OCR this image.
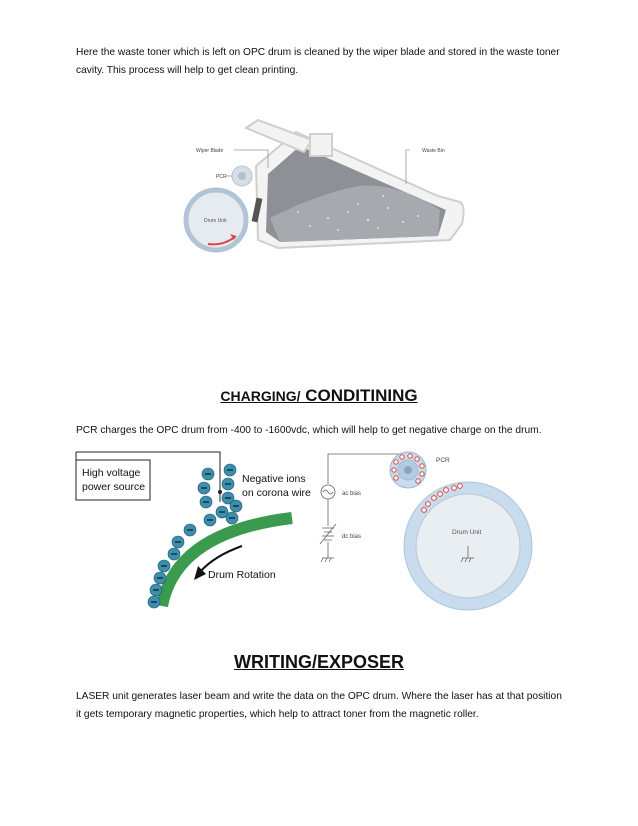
Here the waste toner which is left on OPC drum is cleaned by the wiper blade and stored in the waste toner cavity. This process will help to get clean printing.

Wiper Blade	Waste Bin
PCR
Drum Unit
CHARGING/ CONDITINING

PCR charges the OPC drum from -400 to -1600vdc, which will help to get negative charge on the drum.

High voltage
power source
Drum Rotation
Negative ions
on corona wire	ac bias
dc bias
Drum Unit
PCR
WRITING/EXPOSER

LASER unit generates laser beam and write the data on the OPC drum. Where the laser has at that position it gets temporary magnetic properties, which help to attract toner from the magnetic roller.
